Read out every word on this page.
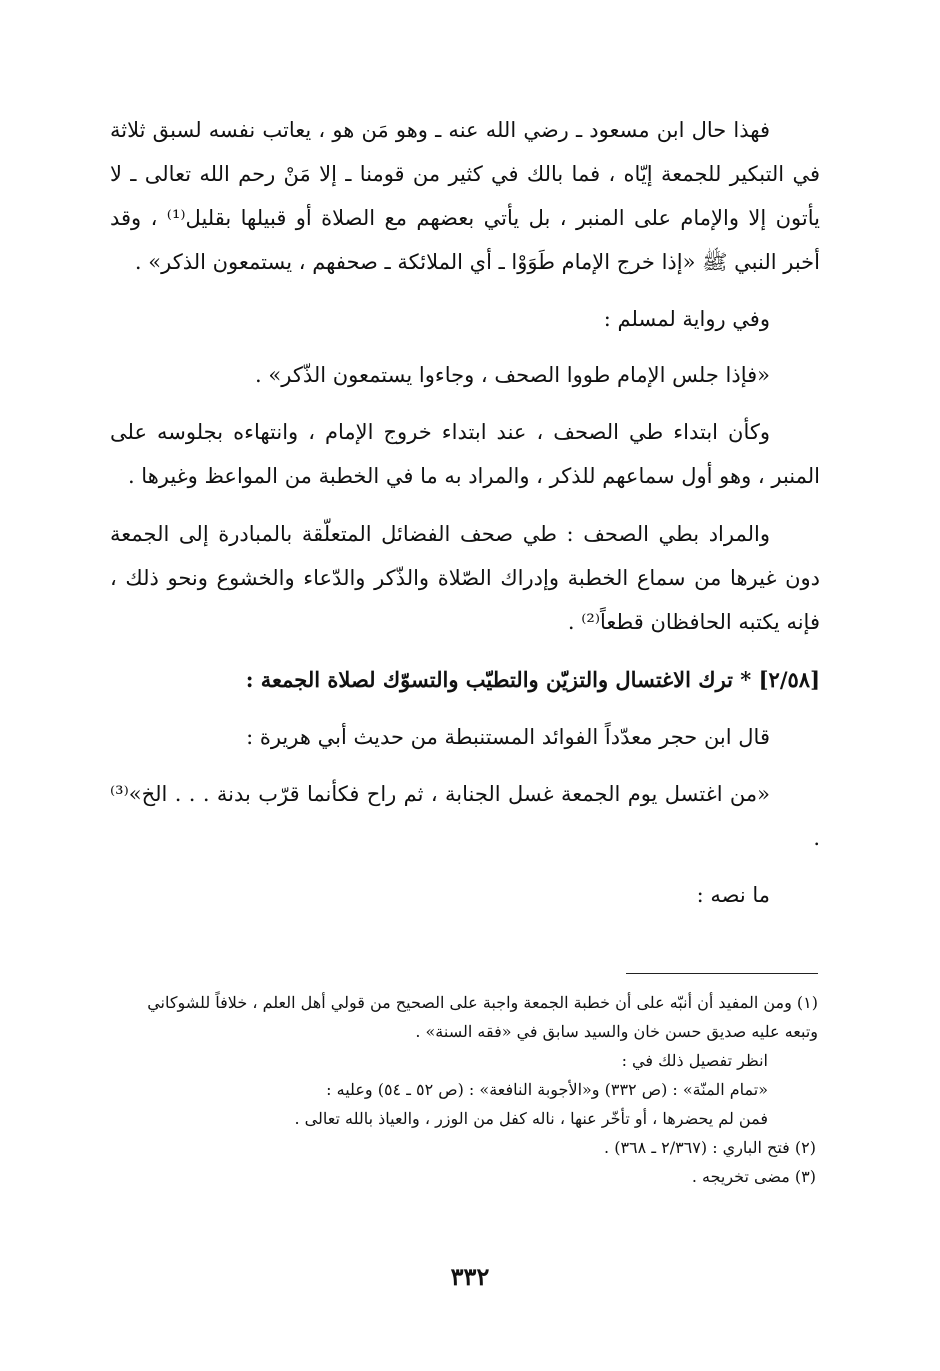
فهذا حال ابن مسعود ـ رضي الله عنه ـ وهو مَن هو ، يعاتب نفسه لسبق ثلاثة في التبكير للجمعة إيّاه ، فما بالك في كثير من قومنا ـ إلا مَنْ رحم الله تعالى ـ لا يأتون إلا والإمام على المنبر ، بل يأتي بعضهم مع الصلاة أو قبيلها بقليل⁽¹⁾ ، وقد أخبر النبي ﷺ «إذا خرج الإمام طَوَوْا ـ أي الملائكة ـ صحفهم ، يستمعون الذكر» .

وفي رواية لمسلم :

«فإذا جلس الإمام طووا الصحف ، وجاءوا يستمعون الذّكر» .

وكأن ابتداء طي الصحف ، عند ابتداء خروج الإمام ، وانتهاءه بجلوسه على المنبر ، وهو أول سماعهم للذكر ، والمراد به ما في الخطبة من المواعظ وغيرها .

والمراد بطي الصحف : طي صحف الفضائل المتعلّقة بالمبادرة إلى الجمعة دون غيرها من سماع الخطبة وإدراك الصّلاة والذّكر والدّعاء والخشوع ونحو ذلك ، فإنه يكتبه الحافظان قطعاً⁽²⁾ .

[٢/٥٨] * ترك الاغتسال والتزيّن والتطيّب والتسوّك لصلاة الجمعة :

قال ابن حجر معدّداً الفوائد المستنبطة من حديث أبي هريرة :

«من اغتسل يوم الجمعة غسل الجنابة ، ثم راح فكأنما قرّب بدنة . . . الخ»⁽³⁾ .

ما نصه :

(١) ومن المفيد أن أنبّه على أن خطبة الجمعة واجبة على الصحيح من قولي أهل العلم ، خلافاً للشوكاني وتبعه عليه صديق حسن خان والسيد سابق في «فقه السنة» .

انظر تفصيل ذلك في :

«تمام المنّة» : (ص ٣٣٢) و«الأجوبة النافعة» : (ص ٥٢ ـ ٥٤) وعليه :

فمن لم يحضرها ، أو تأخّر عنها ، ناله كفل من الوزر ، والعياذ بالله تعالى .

(٢) فتح الباري : (٢/٣٦٧ ـ ٣٦٨) .

(٣) مضى تخريجه .

٣٣٢
